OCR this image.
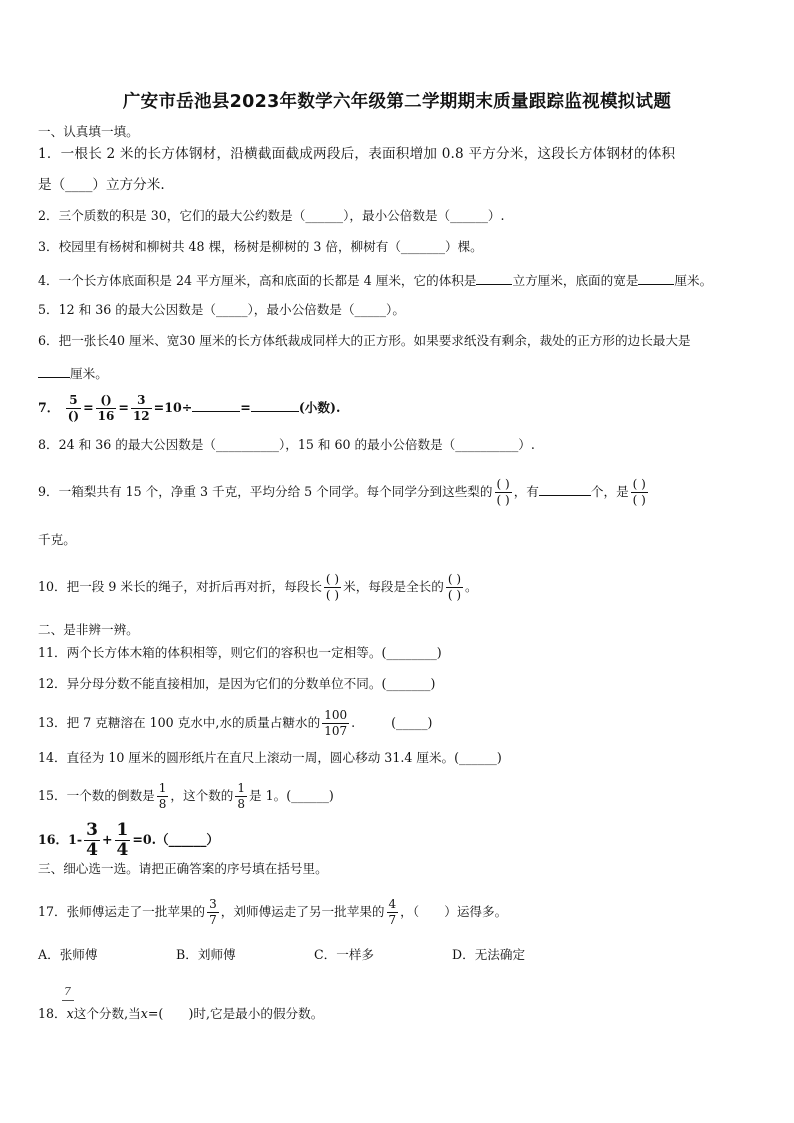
广安市岳池县2023年数学六年级第二学期期末质量跟踪监视模拟试题
一、认真填一填。
1．一根长 2 米的长方体钢材，沿横截面截成两段后，表面积增加 0.8 平方分米，这段长方体钢材的体积
是（____）立方分米.
2．三个质数的积是 30，它们的最大公约数是（______），最小公倍数是（______）.
3．校园里有杨树和柳树共 48 棵，杨树是柳树的 3 倍，柳树有（_______）棵。
4．一个长方体底面积是 24 平方厘米，高和底面的长都是 4 厘米，它的体积是	立方厘米，底面的宽是	厘米。
5．12 和 36 的最大公因数是（_____），最小公倍数是（_____）。
6．把一张长40 厘米、宽30 厘米的长方体纸裁成同样大的正方形。如果要求纸没有剩余，裁处的正方形的边长最大是
厘米。
7． $\frac{5}{()} = \frac{()}{16} = \frac{3}{12} =10\div$	=	(小数).
8．24 和 36 的最大公因数是（__________），15 和 60 的最小公倍数是（__________）.
9．一箱梨共有 15 个，净重 3 千克，平均分给 5 个同学。每个同学分到这些梨的 $\frac{( )}{( )}$ ，有	个，是 $\frac{( )}{( )}$
千克。
10．把一段 9 米长的绳子，对折后再对折，每段长 $\frac{( )}{( )}$ 米，每段是全长的 $\frac{( )}{( )}$ 。
二、是非辨一辨。
11．两个长方体木箱的体积相等，则它们的容积也一定相等。(________)
12．异分母分数不能直接相加，是因为它们的分数单位不同。(_______)
13．把 7 克糖溶在 100 克水中,水的质量占糖水的 $\frac{100}{107}$ .	(_____)
14．直径为 10 厘米的圆形纸片在直尺上滚动一周，圆心移动 31.4 厘米。(______)
15．一个数的倒数是 $\frac{1}{8}$ ，这个数的 $\frac{1}{8}$ 是 1。(______)
16．$1- \frac{3}{4} + \frac{1}{4}$ =0.（______）
三、细心选一选。请把正确答案的序号填在括号里。
17．张师傅运走了一批苹果的 $\frac{3}{7}$ ，刘师傅运走了另一批苹果的 $\frac{4}{7}$ ，（　　）运得多。
A．张师傅	B．刘师傅	C．一样多	D．无法确定
7
18．x这个分数,当x=(　　)时,它是最小的假分数。
